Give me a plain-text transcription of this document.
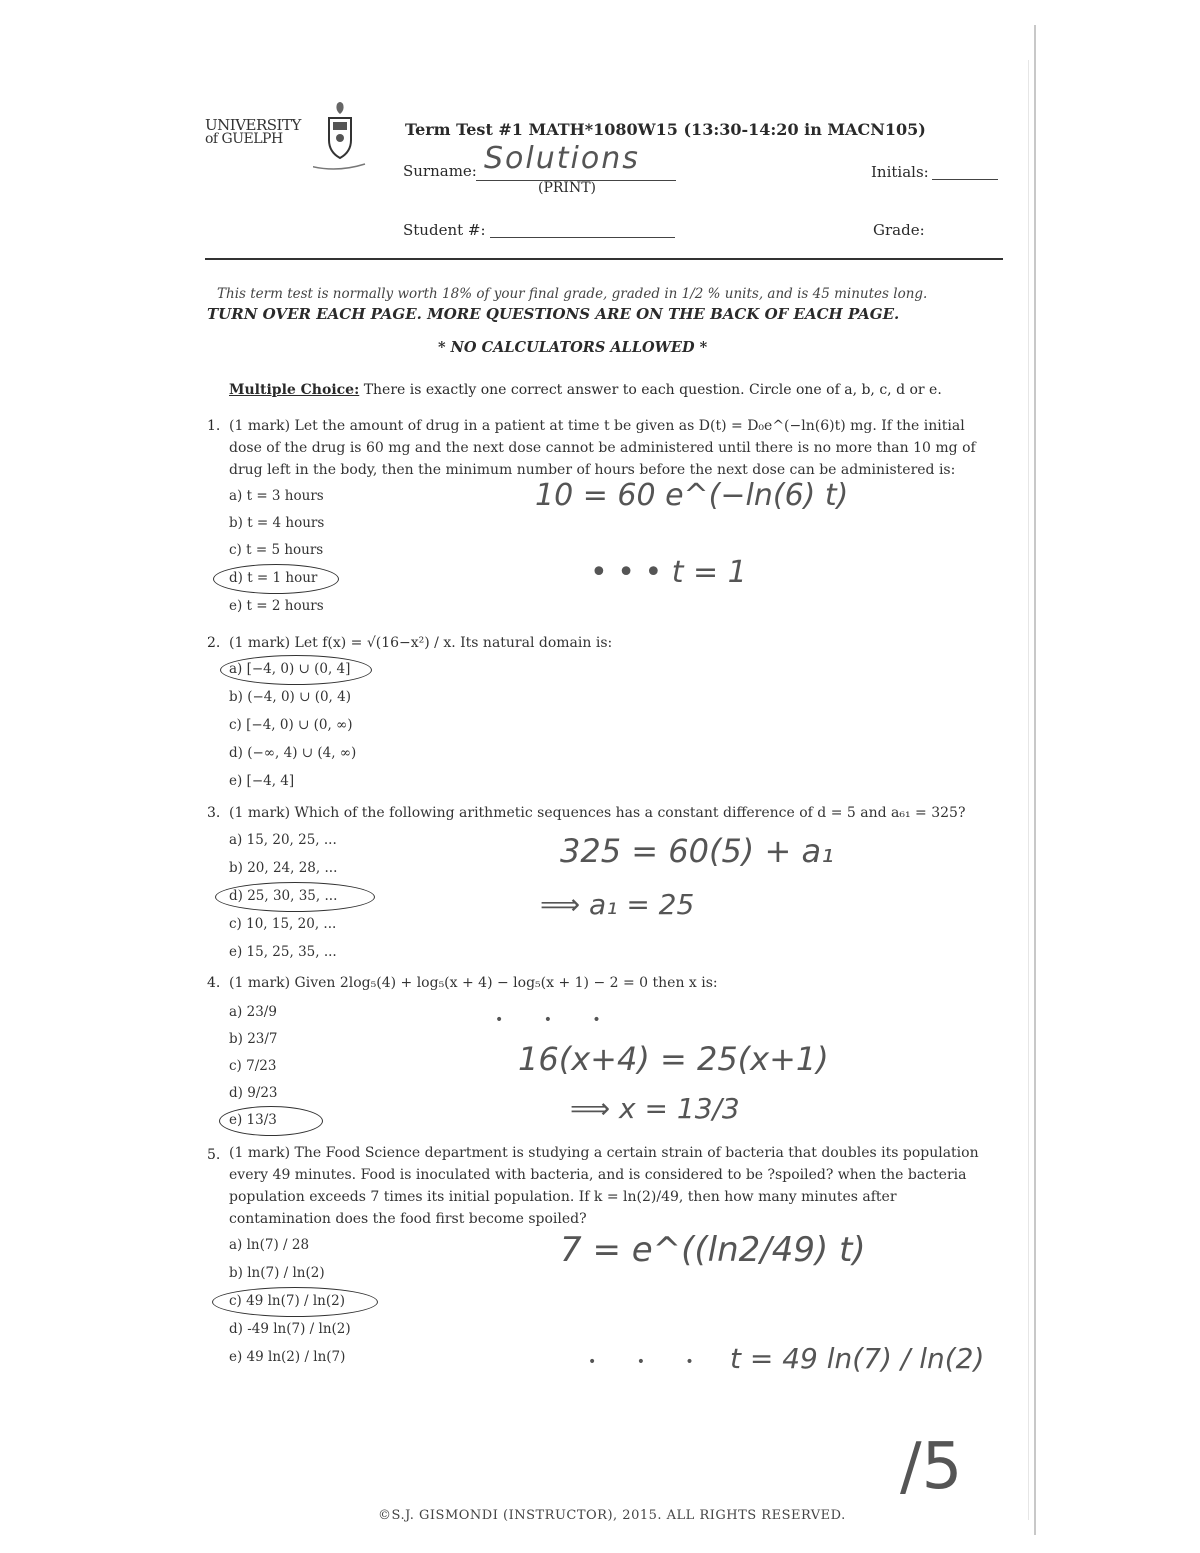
UNIVERSITY
of GUELPH	Term Test #1 MATH*1080W15 (13:30-14:20 in MACN105)
Surname: Solutions
(PRINT)
Initials:
Student #:	Grade:
This term test is normally worth 18% of your final grade, graded in 1/2 % units, and is 45 minutes long.
TURN OVER EACH PAGE. MORE QUESTIONS ARE ON THE BACK OF EACH PAGE.
* NO CALCULATORS ALLOWED *
Multiple Choice: There is exactly one correct answer to each question. Circle one of a, b, c, d or e.
1. (1 mark) Let the amount of drug in a patient at time t be given as D(t) = D₀e^(−ln(6)t) mg. If the initial dose of the drug is 60 mg and the next dose cannot be administered until there is no more than 10 mg of drug left in the body, then the minimum number of hours before the next dose can be administered is:
a) t = 3 hours
b) t = 4 hours
c) t = 5 hours
d) t = 1 hour
e) t = 2 hours
10 = 60 e^(−ln(6) t)
• • • t = 1
2. (1 mark) Let f(x) = √(16−x²) / x. Its natural domain is:
a) [−4, 0) ∪ (0, 4]
b) (−4, 0) ∪ (0, 4)
c) [−4, 0) ∪ (0, ∞)
d) (−∞, 4) ∪ (4, ∞)
e) [−4, 4]
3. (1 mark) Which of the following arithmetic sequences has a constant difference of d = 5 and a₆₁ = 325?
a) 15, 20, 25, ...
b) 20, 24, 28, ...
d) 25, 30, 35, ...
c) 10, 15, 20, ...
e) 15, 25, 35, ...
325 = 60(5) + a₁
⟹ a₁ = 25
4. (1 mark) Given 2log₅(4) + log₅(x + 4) − log₅(x + 1) − 2 = 0 then x is:
a) 23/9
b) 23/7
c) 7/23
d) 9/23
e) 13/3
• • •
16(x+4) = 25(x+1)
⟹ x = 13/3
5. (1 mark) The Food Science department is studying a certain strain of bacteria that doubles its population every 49 minutes. Food is inoculated with bacteria, and is considered to be ?spoiled? when the bacteria population exceeds 7 times its initial population. If k = ln(2)/49, then how many minutes after contamination does the food first become spoiled?
a) ln(7) / 28
b) ln(7) / ln(2)
c) 49 ln(7) / ln(2)
d) -49 ln(7) / ln(2)
e) 49 ln(2) / ln(7)
7 = e^((ln2/49) t)
• • • t = 49 ln(7) / ln(2)
/5
©S.J. GISMONDI (INSTRUCTOR), 2015. ALL RIGHTS RESERVED.
